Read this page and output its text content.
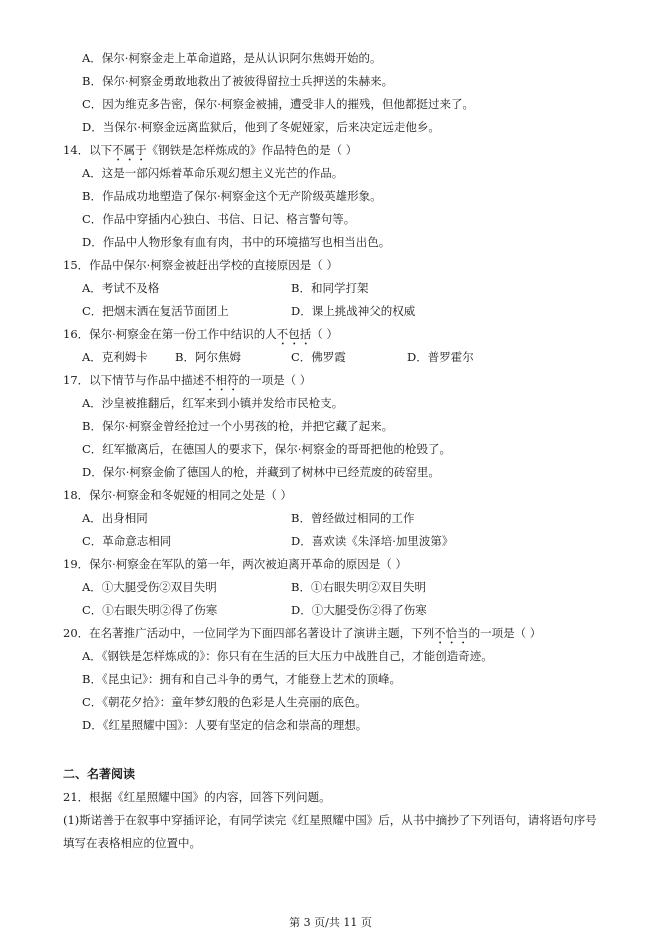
A．保尔·柯察金走上革命道路，是从认识阿尔焦姆开始的。
B．保尔·柯察金勇敢地救出了被彼得留拉士兵押送的朱赫来。
C．因为维克多告密，保尔·柯察金被捕，遭受非人的摧残，但他都挺过来了。
D．当保尔·柯察金远离监狱后，他到了冬妮娅家，后来决定远走他乡。
14．以下不属于《钢铁是怎样炼成的》作品特色的是（ ）
A．这是一部闪烁着革命乐观幻想主义光芒的作品。
B．作品成功地塑造了保尔·柯察金这个无产阶级英雄形象。
C．作品中穿插内心独白、书信、日记、格言警句等。
D．作品中人物形象有血有肉，书中的环境描写也相当出色。
15．作品中保尔·柯察金被赶出学校的直接原因是（ ）
A．考试不及格	B．和同学打架
C．把烟末洒在复活节面团上	D．课上挑战神父的权威
16．保尔·柯察金在第一份工作中结识的人不包括（ ）
A．克利姆卡 B．阿尔焦姆	C．佛罗霞	D．普罗霍尔
17．以下情节与作品中描述不相符的一项是（ ）
A．沙皇被推翻后，红军来到小镇并发给市民枪支。
B．保尔·柯察金曾经抢过一个小男孩的枪，并把它藏了起来。
C．红军撤离后，在德国人的要求下，保尔·柯察金的哥哥把他的枪毁了。
D．保尔·柯察金偷了德国人的枪，并藏到了树林中已经荒废的砖窑里。
18．保尔·柯察金和冬妮娅的相同之处是（ ）
A．出身相同	B．曾经做过相同的工作
C．革命意志相同	D．喜欢读《朱泽培·加里波第》
19．保尔·柯察金在军队的第一年，两次被迫离开革命的原因是（ ）
A．①大腿受伤②双目失明	B．①右眼失明②双目失明
C．①右眼失明②得了伤寒	D．①大腿受伤②得了伤寒
20．在名著推广活动中，一位同学为下面四部名著设计了演讲主题，下列不恰当的一项是（ ）
A．《钢铁是怎样炼成的》：你只有在生活的巨大压力中战胜自己，才能创造奇迹。
B．《昆虫记》：拥有和自己斗争的勇气，才能登上艺术的顶峰。
C．《朝花夕拾》：童年梦幻般的色彩是人生亮丽的底色。
D．《红星照耀中国》：人要有坚定的信念和崇高的理想。
二、名著阅读
21．根据《红星照耀中国》的内容，回答下列问题。
(1)斯诺善于在叙事中穿插评论，有同学读完《红星照耀中国》后，从书中摘抄了下列语句，请将语句序号
填写在表格相应的位置中。
第 3 页/共 11 页
